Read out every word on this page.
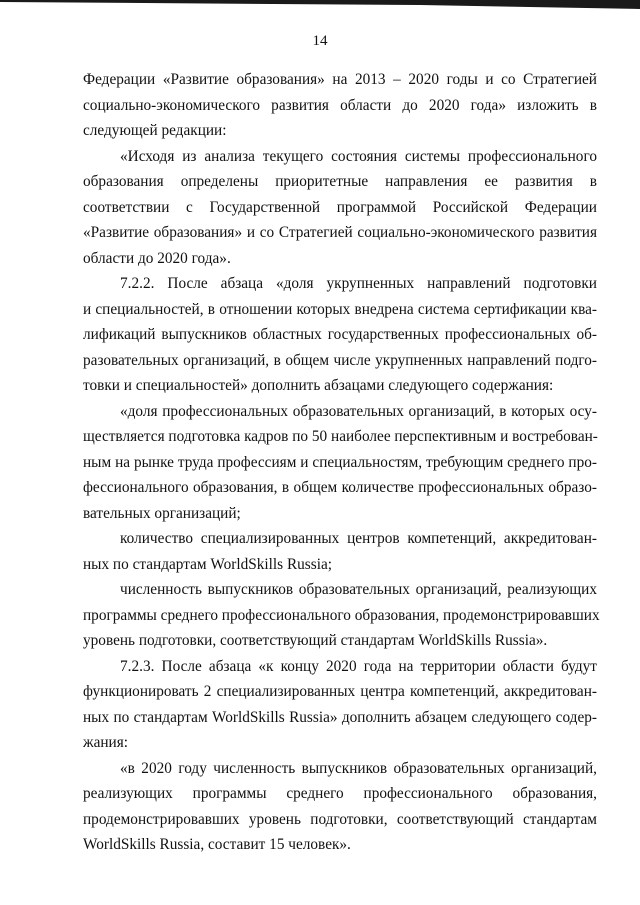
14
Федерации «Развитие образования» на 2013 – 2020 годы и со Стратегией
социально-экономического развития области до 2020 года» изложить в
следующей редакции:
«Исходя из анализа текущего состояния системы профессионального
образования определены приоритетные направления ее развития в
соответствии с Государственной программой Российской Федерации
«Развитие образования» и со Стратегией социально-экономического развития
области до 2020 года».
7.2.2. После абзаца «доля укрупненных направлений подготовки
и специальностей, в отношении которых внедрена система сертификации ква-
лификаций выпускников областных государственных профессиональных об-
разовательных организаций, в общем числе укрупненных направлений подго-
товки и специальностей» дополнить абзацами следующего содержания:
«доля профессиональных образовательных организаций, в которых осу-
ществляется подготовка кадров по 50 наиболее перспективным и востребован-
ным на рынке труда профессиям и специальностям, требующим среднего про-
фессионального образования, в общем количестве профессиональных образо-
вательных организаций;
количество специализированных центров компетенций, аккредитован-
ных по стандартам WorldSkills Russia;
численность выпускников образовательных организаций, реализующих
программы среднего профессионального образования, продемонстрировавших
уровень подготовки, соответствующий стандартам WorldSkills Russia».
7.2.3. После абзаца «к концу 2020 года на территории области будут
функционировать 2 специализированных центра компетенций, аккредитован-
ных по стандартам WorldSkills Russia» дополнить абзацем следующего содер-
жания:
«в 2020 году численность выпускников образовательных организаций,
реализующих программы среднего профессионального образования,
продемонстрировавших уровень подготовки, соответствующий стандартам
WorldSkills Russia, составит 15 человек».
